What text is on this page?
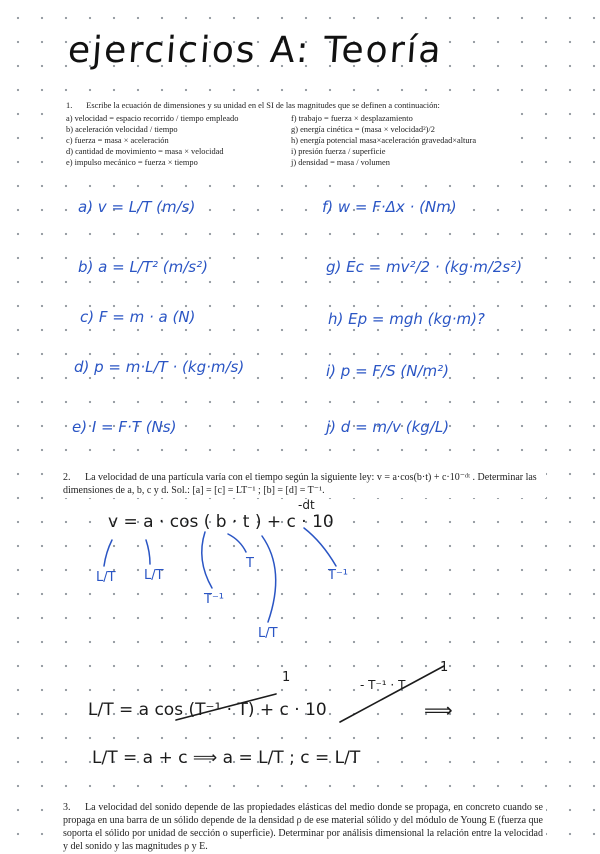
ejercicios A: Teoría
1. Escribe la ecuación de dimensiones y su unidad en el SI de las magnitudes que se definen a continuación:
a) velocidad = espacio recorrido / tiempo empleado
b) aceleración velocidad / tiempo
c) fuerza = masa × aceleración
d) cantidad de movimiento = masa × velocidad
e) impulso mecánico = fuerza × tiempo
f) trabajo = fuerza × desplazamiento
g) energía cinética = (masa × velocidad²)/2
h) energía potencial masa×aceleración gravedad×altura
i) presión fuerza / superficie
j) densidad = masa / volumen
a) v = L/T (m/s)
b) a = L/T² (m/s²)
c) F = m · a (N)
d) p = m·L/T · (kg·m/s)
e) I = F·T (Ns)
f) w = F·Δx · (Nm)
g) Ec = mv²/2 · (kg·m/2s²)
h) Ep = mgh (kg·m)?
i) p = F/S (N/m²)
j) d = m/v (kg/L)
2. La velocidad de una partícula varía con el tiempo según la siguiente ley: v = a·cos(b·t) + c·10⁻ᵈᵗ . Determinar las dimensiones de a, b, c y d. Sol.: [a] = [c] = LT⁻¹ ; [b] = [d] = T⁻¹.
v = a · cos ( b · t ) + c · 10
-dt
L/T L/T
T⁻¹
T
L/T
T⁻¹
1
1
- T⁻¹ · T
L/T = a cos (T⁻¹ · T) + c · 10	⟹
L/T = a + c ⟹ a = L/T ; c = L/T
3. La velocidad del sonido depende de las propiedades elásticas del medio donde se propaga, en concreto cuando se propaga en una barra de un sólido depende de la densidad ρ de ese material sólido y del módulo de Young E (fuerza que soporta el sólido por unidad de sección o superficie). Determinar por análisis dimensional la relación entre la velocidad y del sonido y las magnitudes ρ y E.
